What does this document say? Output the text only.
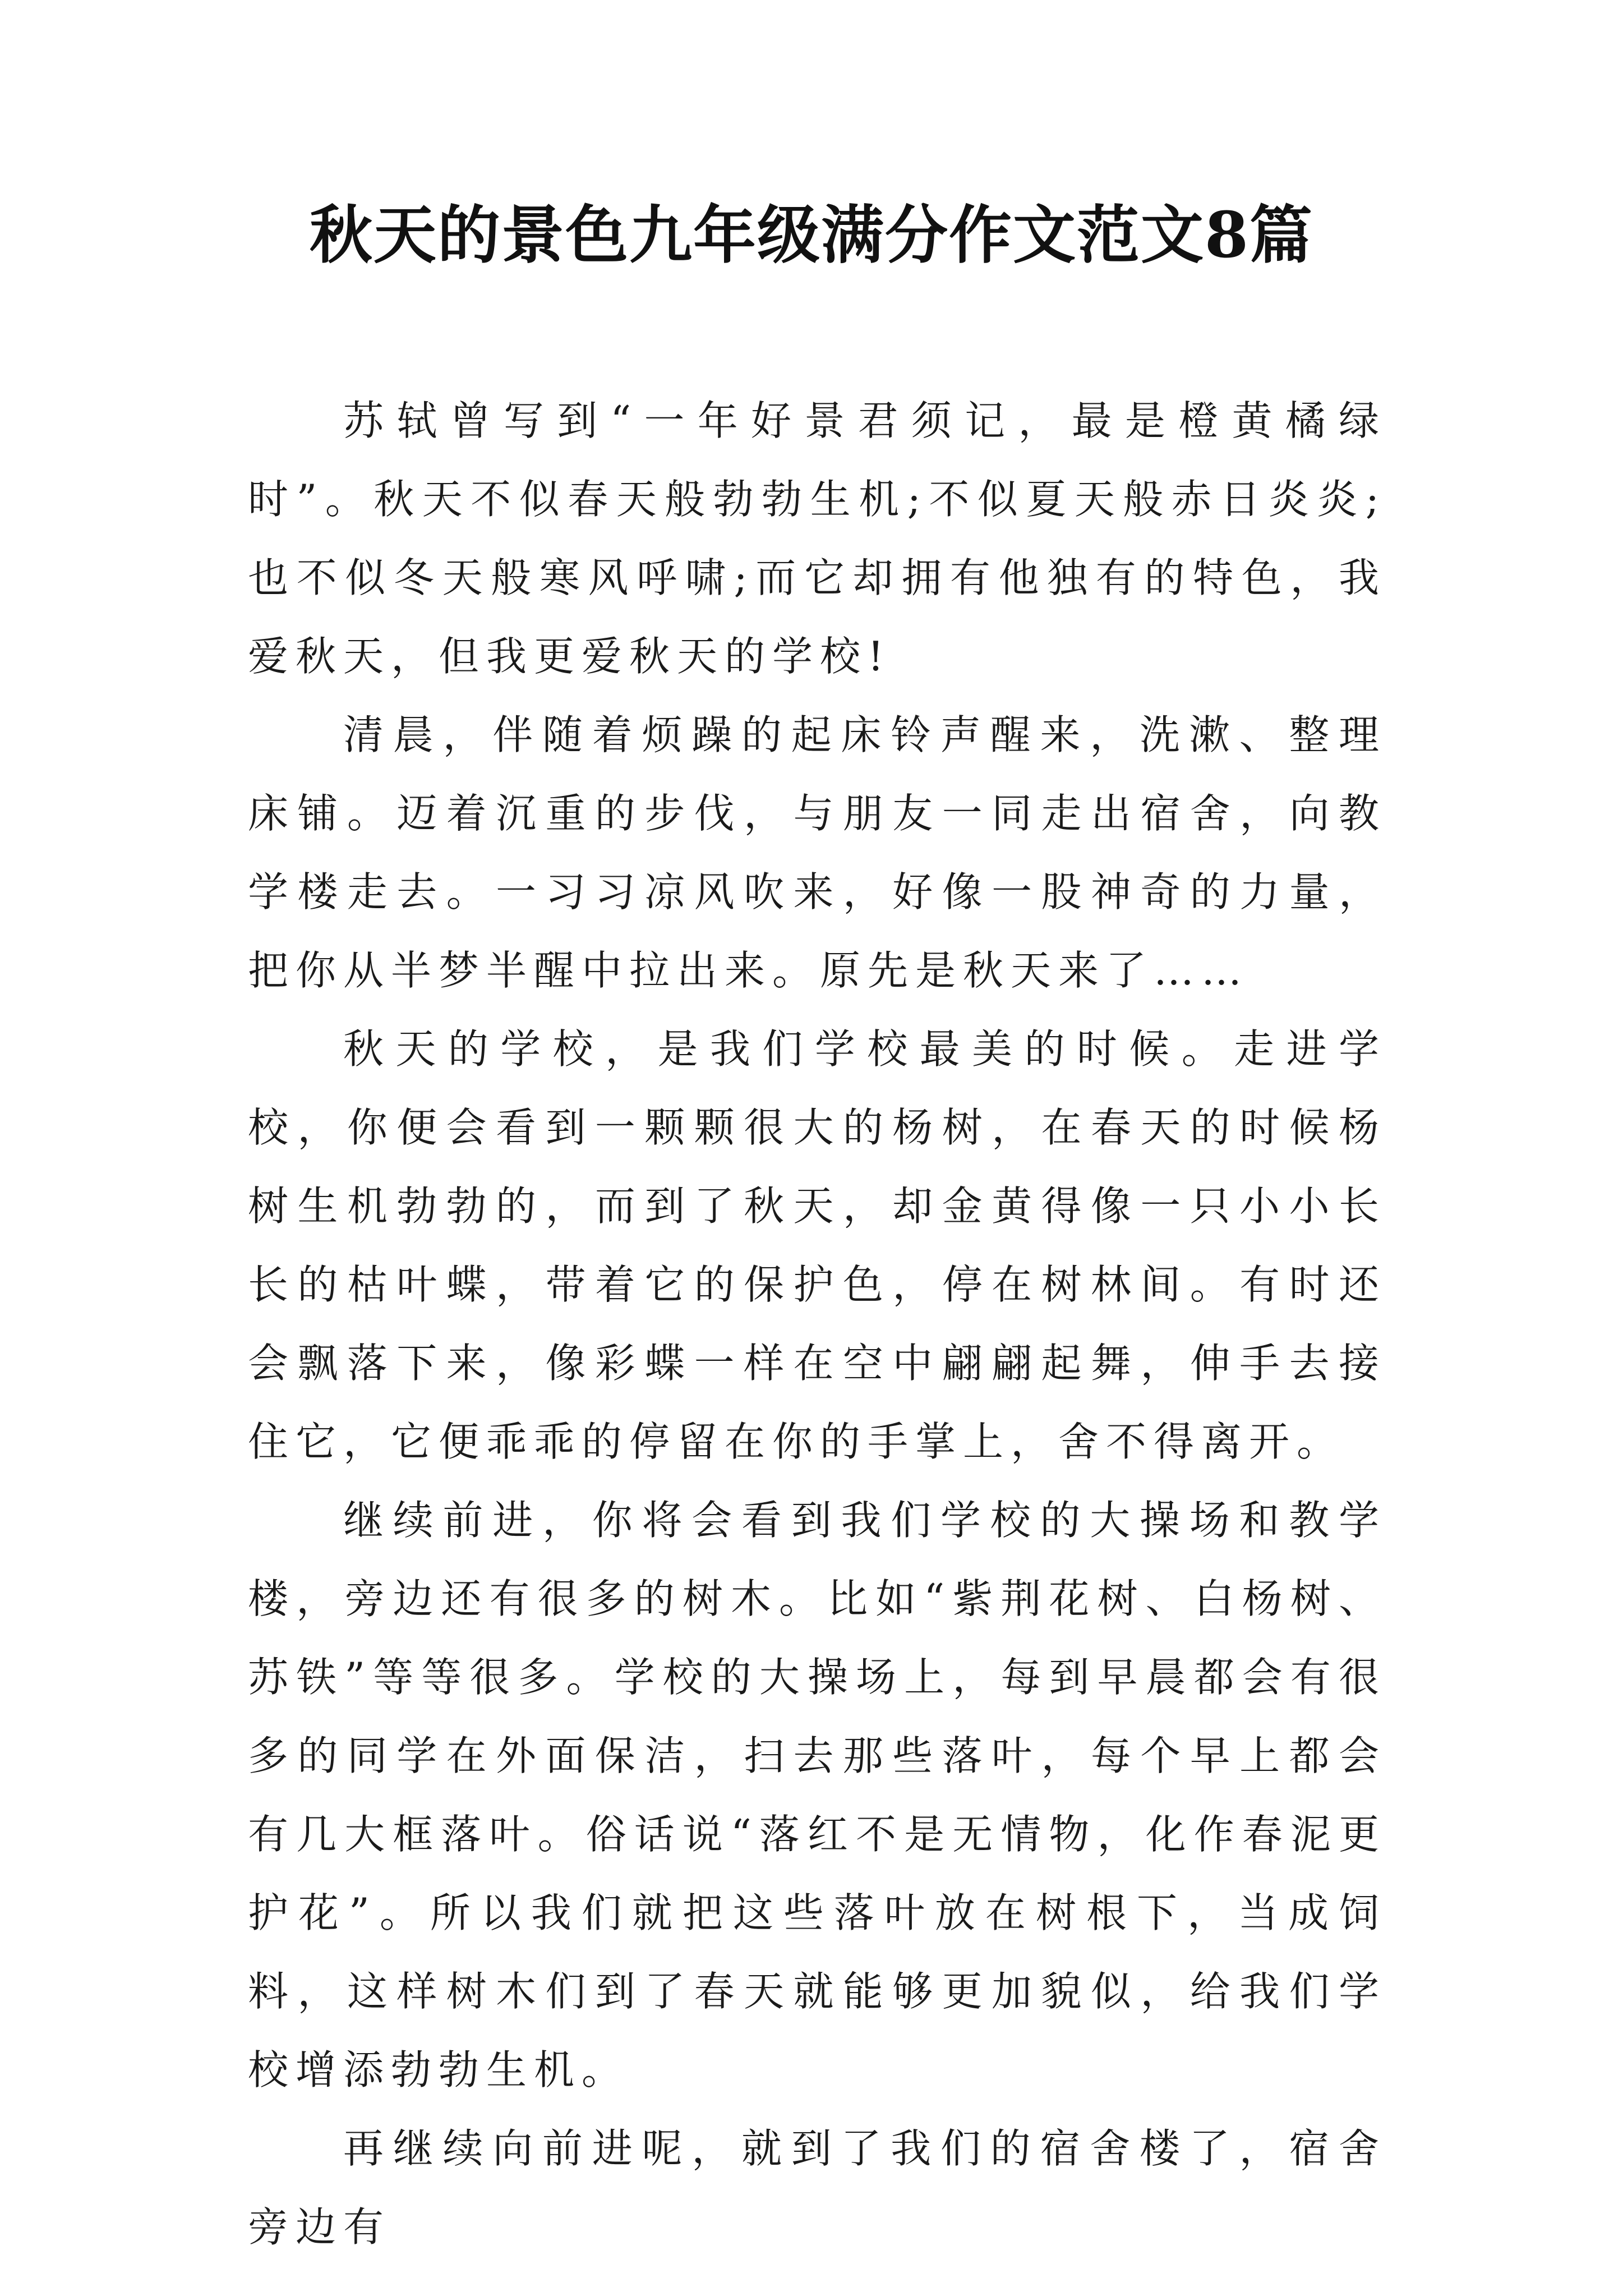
秋天的景色九年级满分作文范文8篇

苏轼曾写到“一年好景君须记，最是橙黄橘绿时”。秋天不似春天般勃勃生机;不似夏天般赤日炎炎;也不似冬天般寒风呼啸;而它却拥有他独有的特色，我爱秋天，但我更爱秋天的学校!

清晨，伴随着烦躁的起床铃声醒来，洗漱、整理床铺。迈着沉重的步伐，与朋友一同走出宿舍，向教学楼走去。一习习凉风吹来，好像一股神奇的力量，把你从半梦半醒中拉出来。原先是秋天来了……

秋天的学校，是我们学校最美的时候。走进学校，你便会看到一颗颗很大的杨树，在春天的时候杨树生机勃勃的，而到了秋天，却金黄得像一只小小长长的枯叶蝶，带着它的保护色，停在树林间。有时还会飘落下来，像彩蝶一样在空中翩翩起舞，伸手去接住它，它便乖乖的停留在你的手掌上，舍不得离开。

继续前进，你将会看到我们学校的大操场和教学楼，旁边还有很多的树木。比如“紫荆花树、白杨树、苏铁”等等很多。学校的大操场上，每到早晨都会有很多的同学在外面保洁，扫去那些落叶，每个早上都会有几大框落叶。俗话说“落红不是无情物，化作春泥更护花”。所以我们就把这些落叶放在树根下，当成饲料，这样树木们到了春天就能够更加貌似，给我们学校增添勃勃生机。

再继续向前进呢，就到了我们的宿舍楼了，宿舍旁边有
